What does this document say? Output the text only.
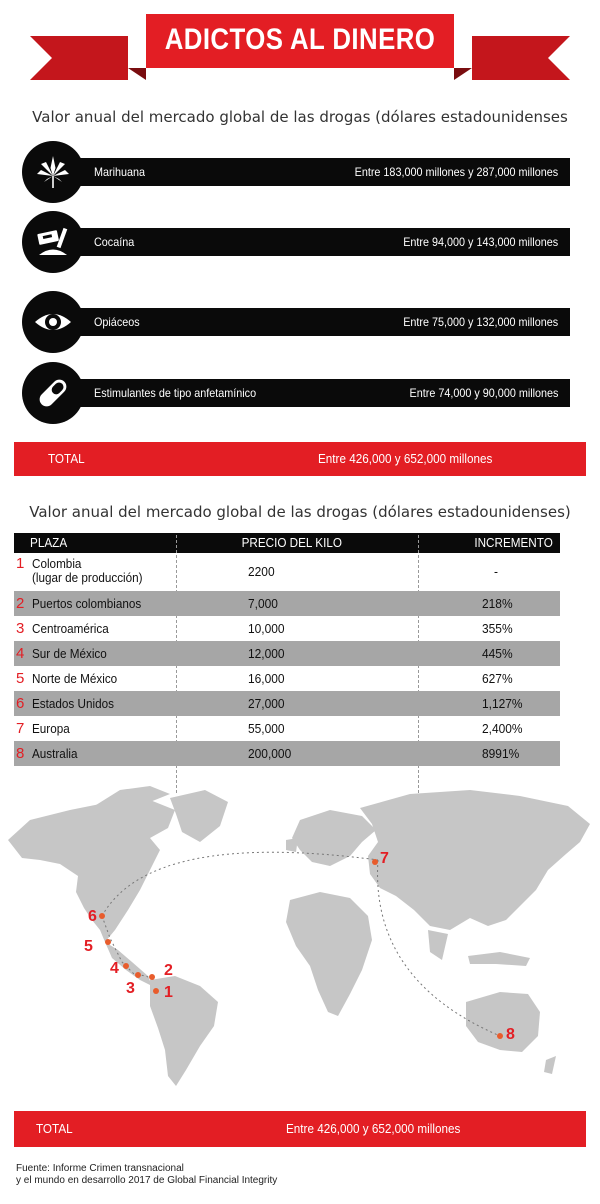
ADICTOS AL DINERO
Valor anual del mercado global de las drogas (dólares estadounidenses
Marihuana	Entre 183,000 millones y 287,000 millones
Cocaína	Entre 94,000 y 143,000 millones
Opiáceos	Entre 75,000 y 132,000 millones
Estimulantes de tipo anfetamínico	Entre 74,000 y 90,000 millones
TOTAL	Entre 426,000 y 652,000 millones
Valor anual del mercado global de las drogas (dólares estadounidenses)
PLAZA	PRECIO DEL KILO	INCREMENTO
1 Colombia
(lugar de producción)	2200	-
2 Puertos colombianos	7,000	218%
3 Centroamérica	10,000	355%
4 Sur de México	12,000	445%
5 Norte de México	16,000	627%
6 Estados Unidos	27,000	1,127%
7 Europa	55,000	2,400%
8 Australia	200,000	8991%
1
2
3
4
5
6
7
8
TOTAL	Entre 426,000 y 652,000 millones
Fuente: Informe Crimen transnacional
y el mundo en desarrollo 2017 de Global Financial Integrity
